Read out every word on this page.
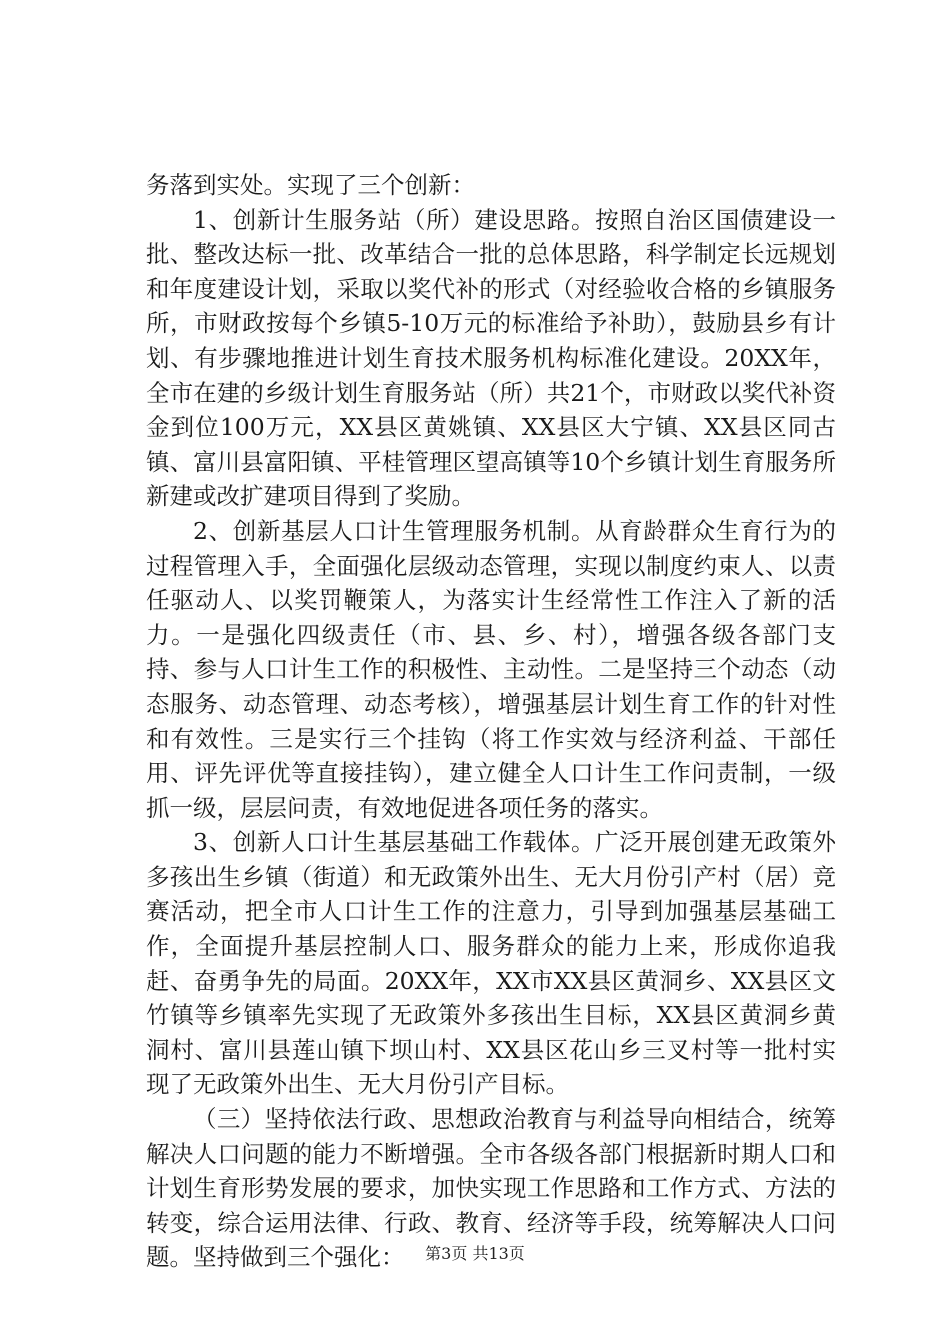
务落到实处。实现了三个创新：

1、创新计生服务站（所）建设思路。按照自治区国债建设一批、整改达标一批、改革结合一批的总体思路，科学制定长远规划和年度建设计划，采取以奖代补的形式（对经验收合格的乡镇服务所，市财政按每个乡镇5-10万元的标准给予补助），鼓励县乡有计划、有步骤地推进计划生育技术服务机构标准化建设。20XX年，全市在建的乡级计划生育服务站（所）共21个，市财政以奖代补资金到位100万元，XX县区黄姚镇、XX县区大宁镇、XX县区同古镇、富川县富阳镇、平桂管理区望高镇等10个乡镇计划生育服务所新建或改扩建项目得到了奖励。

2、创新基层人口计生管理服务机制。从育龄群众生育行为的过程管理入手，全面强化层级动态管理，实现以制度约束人、以责任驱动人、以奖罚鞭策人，为落实计生经常性工作注入了新的活力。一是强化四级责任（市、县、乡、村），增强各级各部门支持、参与人口计生工作的积极性、主动性。二是坚持三个动态（动态服务、动态管理、动态考核），增强基层计划生育工作的针对性和有效性。三是实行三个挂钩（将工作实效与经济利益、干部任用、评先评优等直接挂钩），建立健全人口计生工作问责制，一级抓一级，层层问责，有效地促进各项任务的落实。

3、创新人口计生基层基础工作载体。广泛开展创建无政策外多孩出生乡镇（街道）和无政策外出生、无大月份引产村（居）竞赛活动，把全市人口计生工作的注意力，引导到加强基层基础工作，全面提升基层控制人口、服务群众的能力上来，形成你追我赶、奋勇争先的局面。20XX年，XX市XX县区黄洞乡、XX县区文竹镇等乡镇率先实现了无政策外多孩出生目标，XX县区黄洞乡黄洞村、富川县莲山镇下坝山村、XX县区花山乡三叉村等一批村实现了无政策外出生、无大月份引产目标。

（三）坚持依法行政、思想政治教育与利益导向相结合，统筹解决人口问题的能力不断增强。全市各级各部门根据新时期人口和计划生育形势发展的要求，加快实现工作思路和工作方式、方法的转变，综合运用法律、行政、教育、经济等手段，统筹解决人口问题。坚持做到三个强化：	第3页 共13页
